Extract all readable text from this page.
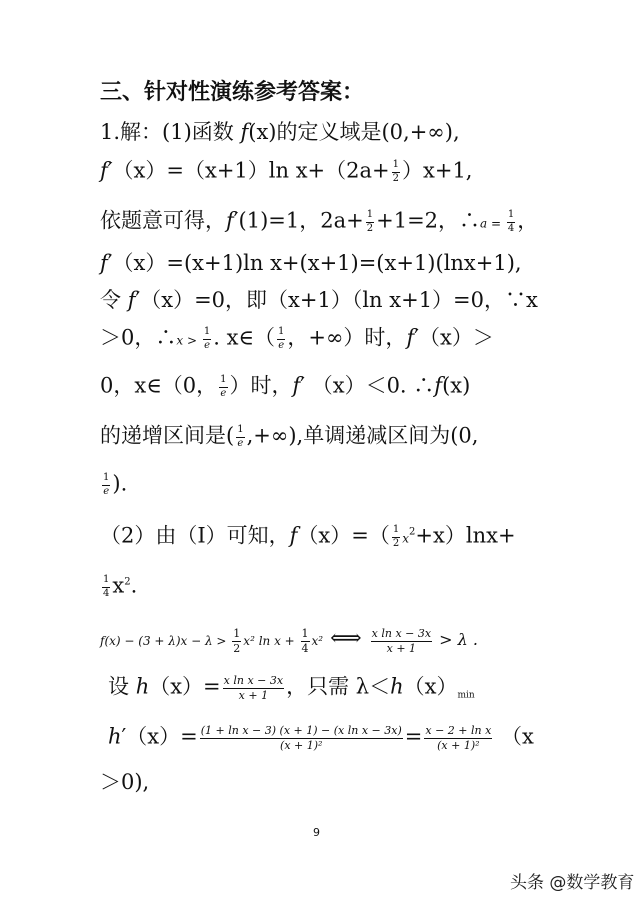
三、针对性演练参考答案：
1.解：(1)函数 f(x)的定义域是(0,+∞),
f′（x）=（x+1）ln $x+(2a+ \frac{1}{2} )x+1$,
依题意可得，f′(1)=1，$2a+ \frac{1}{2} +1=2$，∴a = $\frac{1}{4}$ ，
f′（x）=(x+1)ln x+(x+1)=(x+1)(lnx+1),
令 f′（x）=0，即（x+1）（ln x+1）=0，∵x
＞0，∴x > $\frac{1}{e}$ . x∈（ $\frac{1}{e}$ ，+∞）时，f′（x）＞
0，x∈（0， $\frac{1}{e}$ ）时，f′ （x）＜0. ∴f(x)
的递增区间是( $\frac{1}{e}$ ,+∞),单调递减区间为(0,
$\frac{1}{e}$ ).
（2）由（Ⅰ）可知，$f(x)=( \frac{1}{2} x^2+x)\ln x+$
$\frac{1}{4} x^2$.
$f(x) - (3 + \lambda)x - \lambda > \frac{1}{2} x^2$ $\ln x + \frac{1}{4} x^2$ ⟺ $\frac{\text{x ln x − 3x}}{x + 1} > \lambda$ .
设 $h(x)= \frac{\text{x ln x − 3x}}{x + 1}$ ，只需 $\lambda<h(x)_{min}$
$h'(x)= \frac{\text{(1 + ln x − 3) (x + 1) − (x ln x − 3x)}}{\text{(x + 1)²}} = \frac{\text{x − 2 + ln x}}{\text{(x + 1)²}} (x$
＞0),
9
头条 @数学教育
